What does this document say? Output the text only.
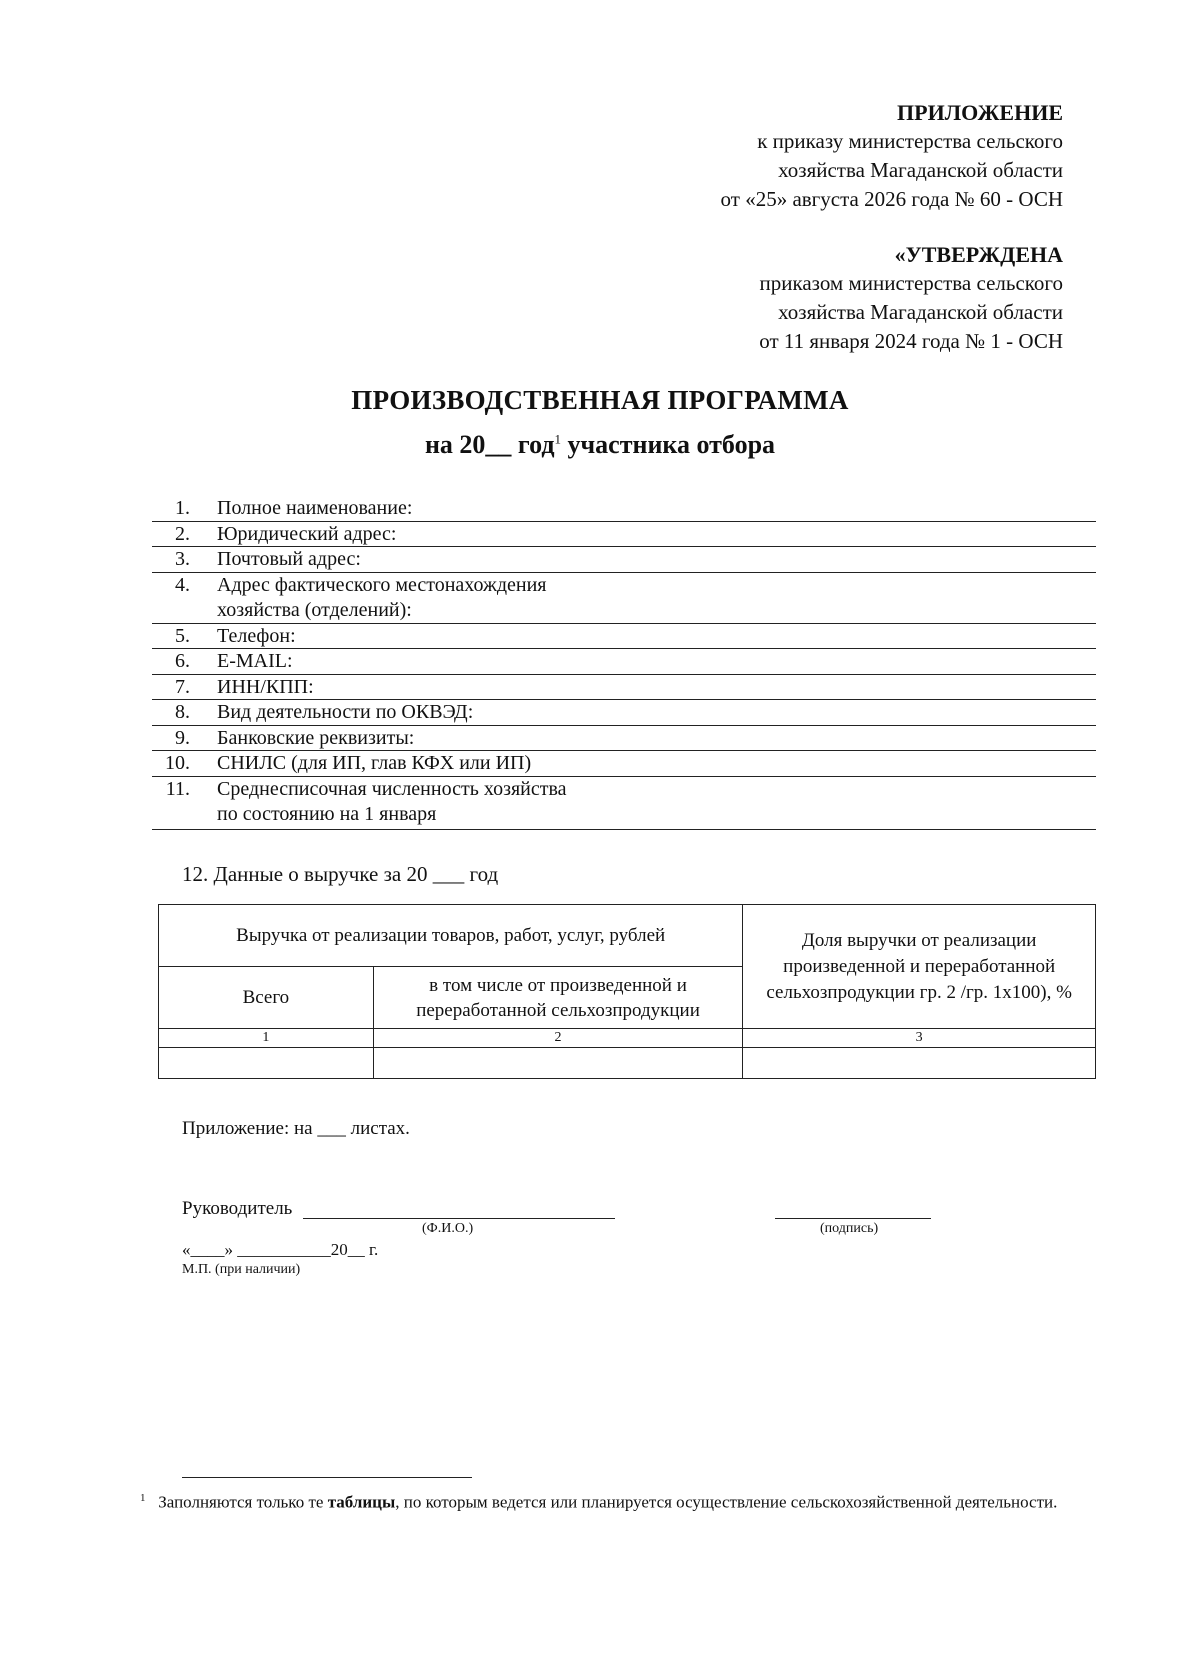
ПРИЛОЖЕНИЕ
к приказу министерства сельского
хозяйства Магаданской области
от «25» августа 2026 года № 60 - ОСН
«УТВЕРЖДЕНА
приказом министерства сельского
хозяйства Магаданской области
от 11 января 2024 года № 1 - ОСН
ПРОИЗВОДСТВЕННАЯ ПРОГРАММА
на 20__ год$^1$ участника отбора
1. Полное наименование:
2. Юридический адрес:
3. Почтовый адрес:
4. Адрес фактического местонахождения
хозяйства (отделений):
5. Телефон:
6. E-MAIL:
7. ИНН/КПП:
8. Вид деятельности по ОКВЭД:
9. Банковские реквизиты:
10. СНИЛС (для ИП, глав КФХ или ИП)
11. Среднесписочная численность хозяйства
по состоянию на 1 января
12. Данные о выручке за 20 ___ год
Выручка от реализации товаров, работ, услуг, рублей		Доля выручки от реализации произведенной и переработанной сельхозпродукции гр. 2 /гр. 1х100), %
Всего	в том числе от произведенной и переработанной сельхозпродукции	
1	2	3

Приложение: на ___ листах.
Руководитель
(Ф.И.О.)	(подпись)
«____» ___________20__ г.
М.П. (при наличии)
$^1$ Заполняются только те таблицы, по которым ведется или планируется осуществление сельскохозяйственной деятельности.
